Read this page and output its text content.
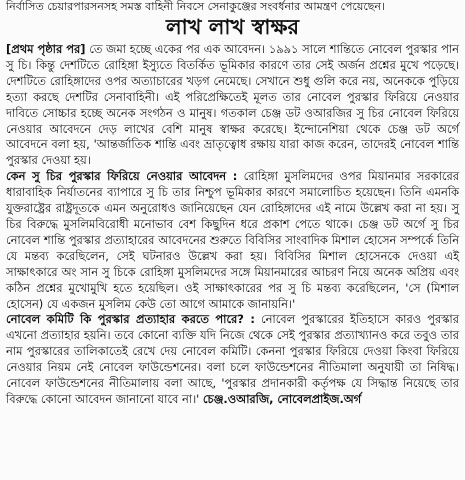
নির্বাসিত চেয়ারপারসনসহ সমস্ত বাহিনী নিবসে সেনাকুঞ্জের সংবর্ধনার আমন্ত্রণ পেয়েছেন।
লাখ লাখ স্বাক্ষর

[প্রথম পৃষ্ঠার পর] তে জমা হচ্ছে একের পর এক আবেদন। ১৯৯১ সালে শান্তিতে নোবেল পুরস্কার পান সু চি। কিন্তু দেশটিতে রোহিঙ্গা ইস্যুতে বিতর্কিত ভূমিকার কারণে তার সেই অর্জন প্রশ্নের মুখে পড়েছে। দেশটিতে রোহিঙ্গাদের ওপর অত্যাচারের খড়গ নেমেছে। সেখানে শুধু গুলি করে নয়, অনেককে পুড়িয়ে হত্যা করছে দেশটির সেনাবাহিনী। এই পরিপ্রেক্ষিতেই মূলত তার নোবেল পুরস্কার ফিরিয়ে নেওয়ার দাবিতে সোচ্চার হচ্ছে অনেক সংগঠন ও মানুষ। গতকাল চেঞ্জ ডট ওআরজির সু চির নোবেল ফিরিয়ে নেওয়ার আবেদনে দেড় লাখের বেশি মানুষ স্বাক্ষর করেছে। ইন্দোনেশিয়া থেকে চেঞ্জ ডট অর্গে আবেদনে বলা হয়, 'আন্তর্জাতিক শান্তি এবং ভ্রাতৃত্বোধ রক্ষায় যারা কাজ করেন, তাদেরই নোবেল শান্তি পুরস্কার দেওয়া হয়।

কেন সু চির পুরস্কার ফিরিয়ে নেওয়ার আবেদন : রোহিঙ্গা মুসলিমদের ওপর মিয়ানমার সরকারের ধারাবাহিক নির্যাতনের ব্যাপারে সু চি তার নিশ্চুপ ভূমিকার কারণে সমালোচিত হয়েছেন। তিনি এমনকি যুক্তরাষ্ট্রের রাষ্ট্রদূতকে এমন অনুরোধও জানিয়েছেন যেন রোহিঙ্গাদের এই নামে উল্লেখ করা না হয়। সু চির বিরুদ্ধে মুসলিমবিরোধী মনোভাব বেশ কিছুদিন ধরে প্রকাশ পেতে থাকে। চেঞ্জ ডট অর্গে সু চির নোবেল শান্তি পুরস্কার প্রত্যাহারের আবেদনের শুরুতে বিবিসির সাংবাদিক মিশাল হোসেন সম্পর্কে তিনি যে মন্তব্য করেছিলেন, সেই ঘটনারও উল্লেখ করা হয়। বিবিসির মিশাল হোসেনকে দেওয়া এই সাক্ষাৎকারে অং সান সু চিকে রোহিঙ্গা মুসলিমদের সঙ্গে মিয়ানমারের আচরণ নিয়ে অনেক অপ্রিয় এবং কঠিন প্রশ্নের মুখোমুখি হতে হয়েছিল। ওই সাক্ষাৎকারের পর সু চি মন্তব্য করেছিলেন, 'সে (মিশাল হোসেন) যে একজন মুসলিম কেউ তো আগে আমাকে জানায়নি।'

নোবেল কমিটি কি পুরস্কার প্রত্যাহার করতে পারে? : নোবেল পুরস্কারের ইতিহাসে কারও পুরস্কার এখনো প্রত্যাহার হয়নি। তবে কোনো ব্যক্তি যদি নিজে থেকে সেই পুরস্কার প্রত্যাখ্যানও করে তবুও তার নাম পুরস্কারের তালিকাতেই রেখে দেয় নোবেল কমিটি। কেননা পুরস্কার ফিরিয়ে দেওয়া কিংবা ফিরিয়ে নেওয়ার নিয়ম নেই নোবেল ফাউন্ডেশনের। বলা চলে ফাউন্ডেশনের নীতিমালা অনুযায়ী তা নিষিদ্ধ। নোবেল ফাউন্ডেশনের নীতিমালায় বলা আছে, 'পুরস্কার প্রদানকারী কর্তৃপক্ষ যে সিদ্ধান্ত নিয়েছে তার বিরুদ্ধে কোনো আবেদন জানানো যাবে না।' চেঞ্জ.ওআরজি, নোবেলপ্রাইজ.অর্গ
